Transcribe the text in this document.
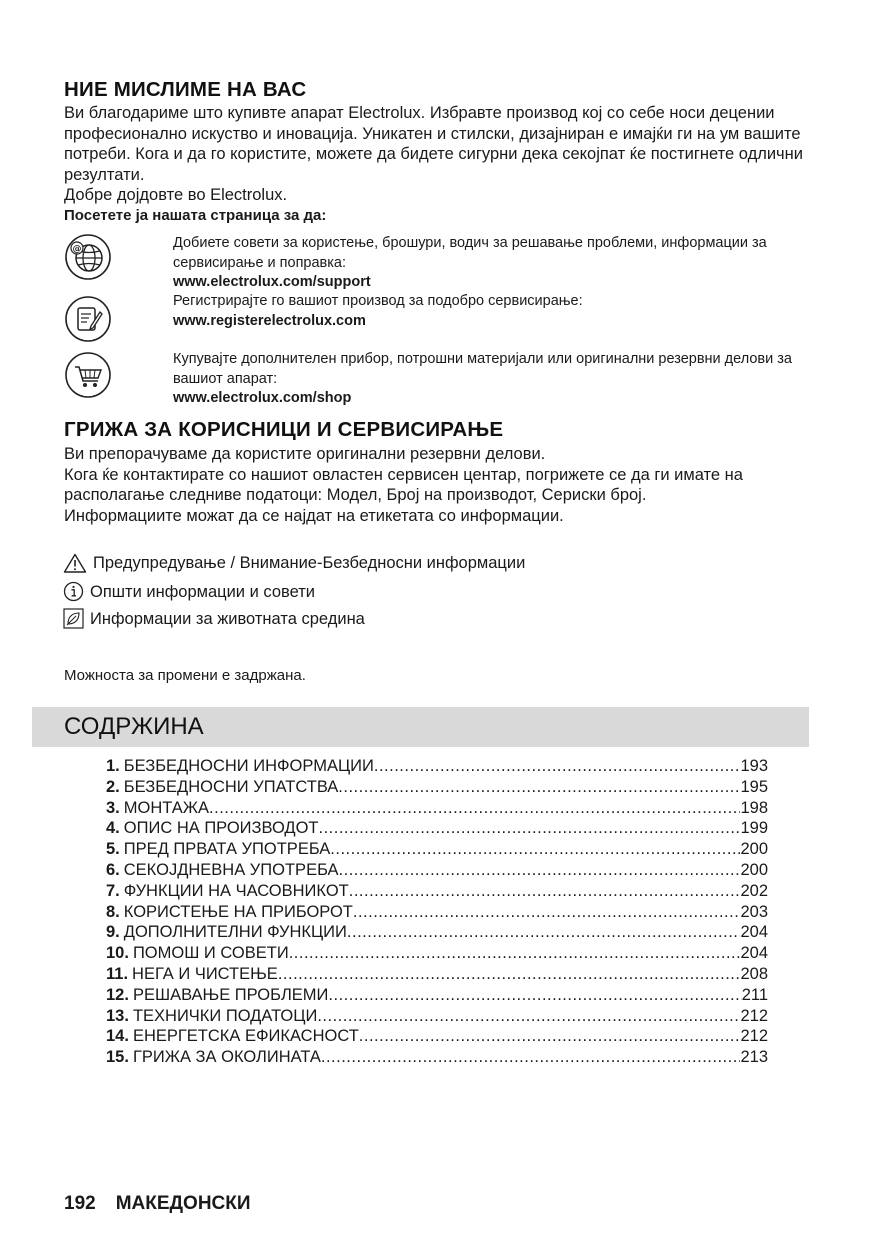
НИЕ МИСЛИМЕ НА ВАС

Ви благодариме што купивте апарат Electrolux. Избравте производ кој со себе носи децении професионално искуство и иновација. Уникатен и стилски, дизајниран е имајќи ги на ум вашите потреби. Кога и да го користите, можете да бидете сигурни дека секојпат ќе постигнете одлични резултати.

Добре дојдовте во Electrolux.

Посетете ја нашата страница за да:
@	Добиете совети за користење, брошури, водич за решавање проблеми, информации за сервисирање и поправка:

www.electrolux.com/support

Регистрирајте го вашиот производ за подобро сервисирање:

www.registerelectrolux.com

Купувајте дополнителен прибор, потрошни материјали или оригинални резервни делови за вашиот апарат:

www.electrolux.com/shop

ГРИЖА ЗА КОРИСНИЦИ И СЕРВИСИРАЊЕ

Ви препорачуваме да користите оригинални резервни делови.

Кога ќе контактирате со нашиот овластен сервисен центар, погрижете се да ги имате на располагање следниве податоци: Модел, Број на производот, Сериски број.

Информациите можат да се најдат на етикетата со информации.

Предупредување / Внимание-Безбедносни информации
Општи информации и совети
Информации за животната средина
Можноста за промени е задржана.
СОДРЖИНА
1. БЕЗБЕДНОСНИ ИНФОРМАЦИИ .....	193
2. БЕЗБЕДНОСНИ УПАТСТВА .....	195
3. МОНТАЖА .....	198
4. ОПИС НА ПРОИЗВОДОТ .....	199
5. ПРЕД ПРВАТА УПОТРЕБА .....	200
6. СЕКОЈДНЕВНА УПОТРЕБА .....	200
7. ФУНКЦИИ НА ЧАСОВНИКОТ .....	202
8. КОРИСТЕЊЕ НА ПРИБОРОТ .....	203
9. ДОПОЛНИТЕЛНИ ФУНКЦИИ .....	204
10. ПОМОШ И СОВЕТИ .....	204
11. НЕГА И ЧИСТЕЊЕ .....	208
12. РЕШАВАЊЕ ПРОБЛЕМИ .....	211
13. ТЕХНИЧКИ ПОДАТОЦИ .....	212
14. ЕНЕРГЕТСКА ЕФИКАСНОСТ .....	212
15. ГРИЖА ЗА ОКОЛИНАТА .....	213
192 МАКЕДОНСКИ
